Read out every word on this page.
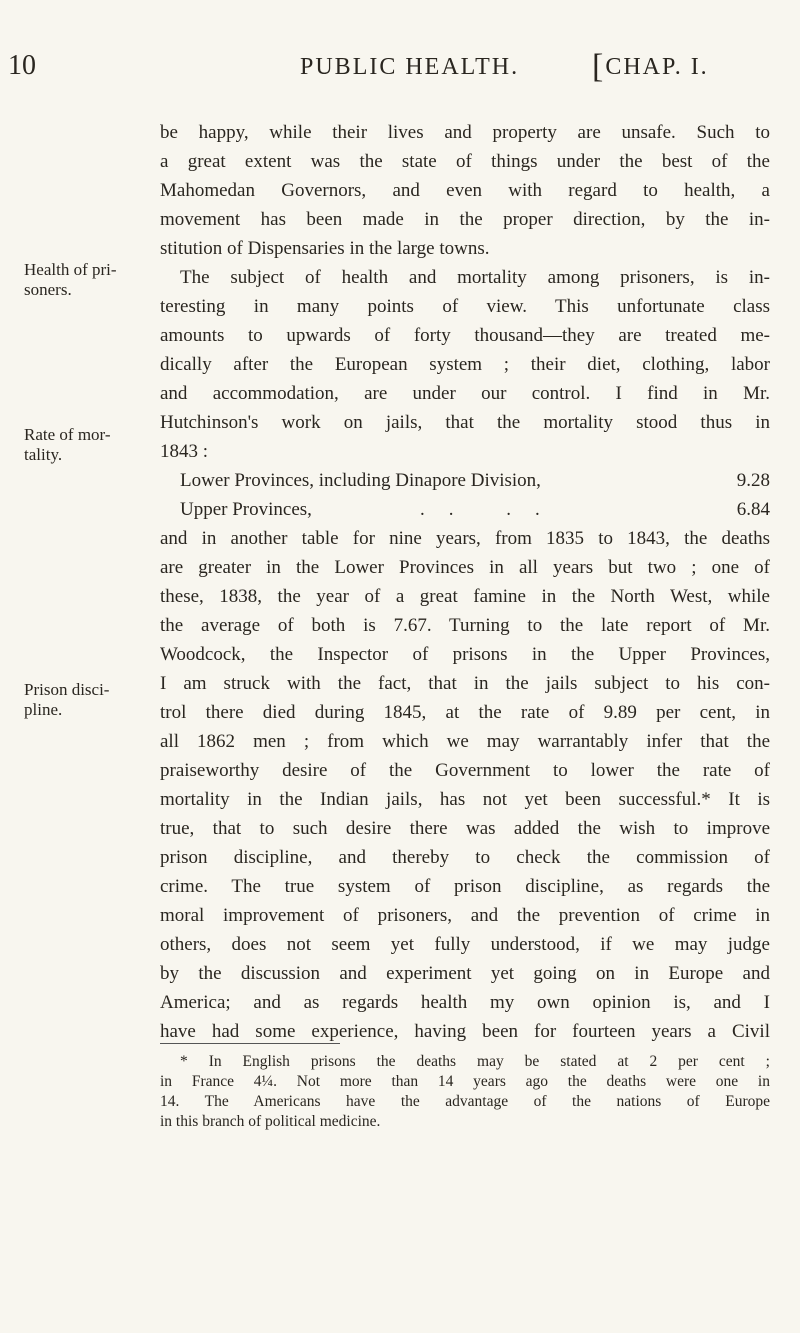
10	PUBLIC HEALTH. [CHAP. I.
Health of pri-
soners.
Rate of mor-
tality.
Prison disci-
pline.
be happy, while their lives and property are unsafe. Such to
a great extent was the state of things under the best of the
Mahomedan Governors, and even with regard to health, a
movement has been made in the proper direction, by the in-
stitution of Dispensaries in the large towns.
The subject of health and mortality among prisoners, is in-
teresting in many points of view. This unfortunate class
amounts to upwards of forty thousand—they are treated me-
dically after the European system ; their diet, clothing, labor
and accommodation, are under our control. I find in Mr.
Hutchinson's work on jails, that the mortality stood thus in
1843 :
Lower Provinces, including Dinapore Division,	9.28
Upper Provinces,	.. ..	6.84
and in another table for nine years, from 1835 to 1843, the deaths
are greater in the Lower Provinces in all years but two ; one of
these, 1838, the year of a great famine in the North West, while
the average of both is 7.67. Turning to the late report of Mr.
Woodcock, the Inspector of prisons in the Upper Provinces,
I am struck with the fact, that in the jails subject to his con-
trol there died during 1845, at the rate of 9.89 per cent, in
all 1862 men ; from which we may warrantably infer that the
praiseworthy desire of the Government to lower the rate of
mortality in the Indian jails, has not yet been successful.* It is
true, that to such desire there was added the wish to improve
prison discipline, and thereby to check the commission of
crime. The true system of prison discipline, as regards the
moral improvement of prisoners, and the prevention of crime in
others, does not seem yet fully understood, if we may judge
by the discussion and experiment yet going on in Europe and
America; and as regards health my own opinion is, and I
have had some experience, having been for fourteen years a Civil
* In English prisons the deaths may be stated at 2 per cent ;
in France 4¼. Not more than 14 years ago the deaths were one in
14. The Americans have the advantage of the nations of Europe
in this branch of political medicine.
